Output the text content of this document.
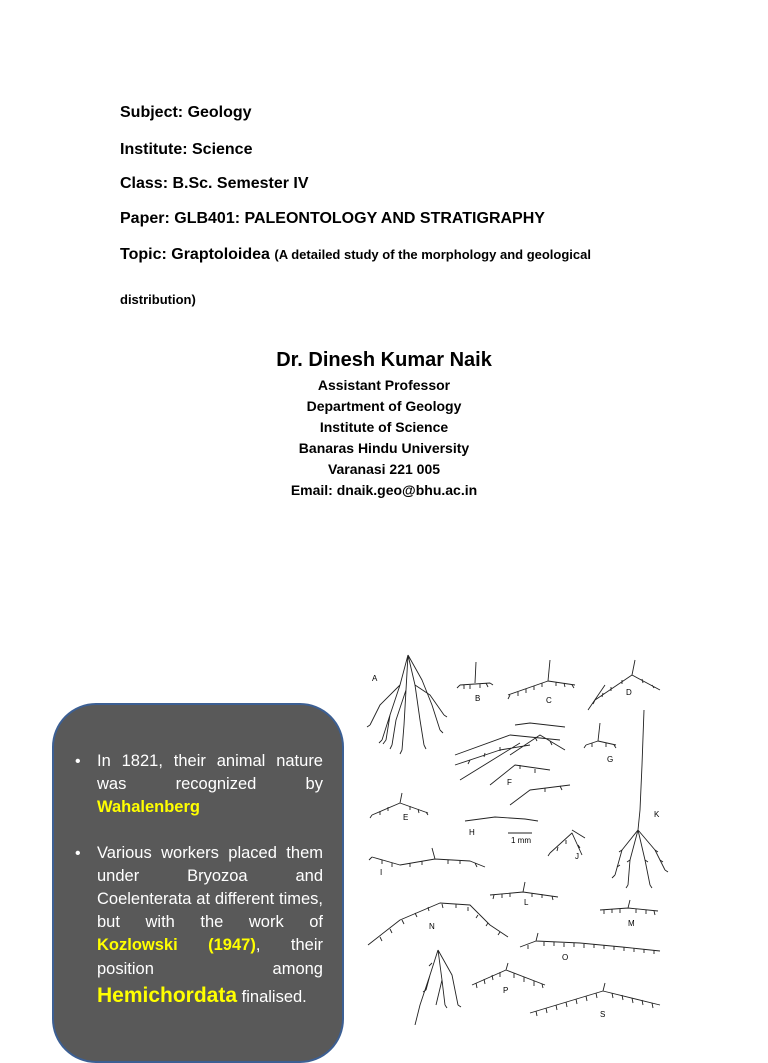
Subject: Geology

Institute: Science

Class: B.Sc. Semester IV

Paper: GLB401: PALEONTOLOGY AND STRATIGRAPHY

Topic: Graptoloidea (A detailed study of the morphology and geological

distribution)

Dr. Dinesh Kumar Naik

Assistant Professor

Department of Geology

Institute of Science

Banaras Hindu University

Varanasi 221 005

Email: dnaik.geo@bhu.ac.in

• In 1821, their animal nature was recognized by Wahalenberg
• Various workers placed them under Bryozoa and Coelenterata at different times, but with the work of Kozlowski (1947), their position among Hemichordata finalised.
A
B	C
D
F
G
E
H
1 mm
K
J
I
L
M
N
O
P
S
